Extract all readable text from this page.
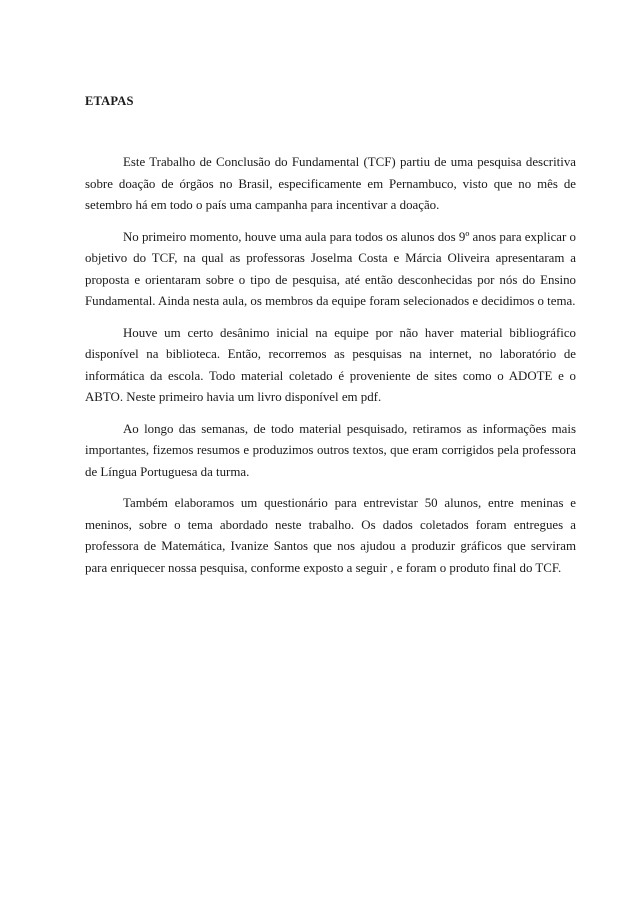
ETAPAS

Este Trabalho de Conclusão do Fundamental (TCF) partiu de uma pesquisa descritiva sobre doação de órgãos no Brasil, especificamente em Pernambuco, visto que no mês de setembro há em todo o país uma campanha para incentivar a doação.

No primeiro momento, houve uma aula para todos os alunos dos 9º anos para explicar o objetivo do TCF, na qual as professoras Joselma Costa e Márcia Oliveira apresentaram a proposta e orientaram sobre o tipo de pesquisa, até então desconhecidas por nós do Ensino Fundamental. Ainda nesta aula, os membros da equipe foram selecionados e decidimos o tema.

Houve um certo desânimo inicial na equipe por não haver material bibliográfico disponível na biblioteca. Então, recorremos as pesquisas na internet, no laboratório de informática da escola. Todo material coletado é proveniente de sites como o ADOTE e o ABTO. Neste primeiro havia um livro disponível em pdf.

Ao longo das semanas, de todo material pesquisado, retiramos as informações mais importantes, fizemos resumos e produzimos outros textos, que eram corrigidos pela professora de Língua Portuguesa da turma.

Também elaboramos um questionário para entrevistar 50 alunos, entre meninas e meninos, sobre o tema abordado neste trabalho. Os dados coletados foram entregues a professora de Matemática, Ivanize Santos que nos ajudou a produzir gráficos que serviram para enriquecer nossa pesquisa, conforme exposto a seguir , e foram o produto final do TCF.
